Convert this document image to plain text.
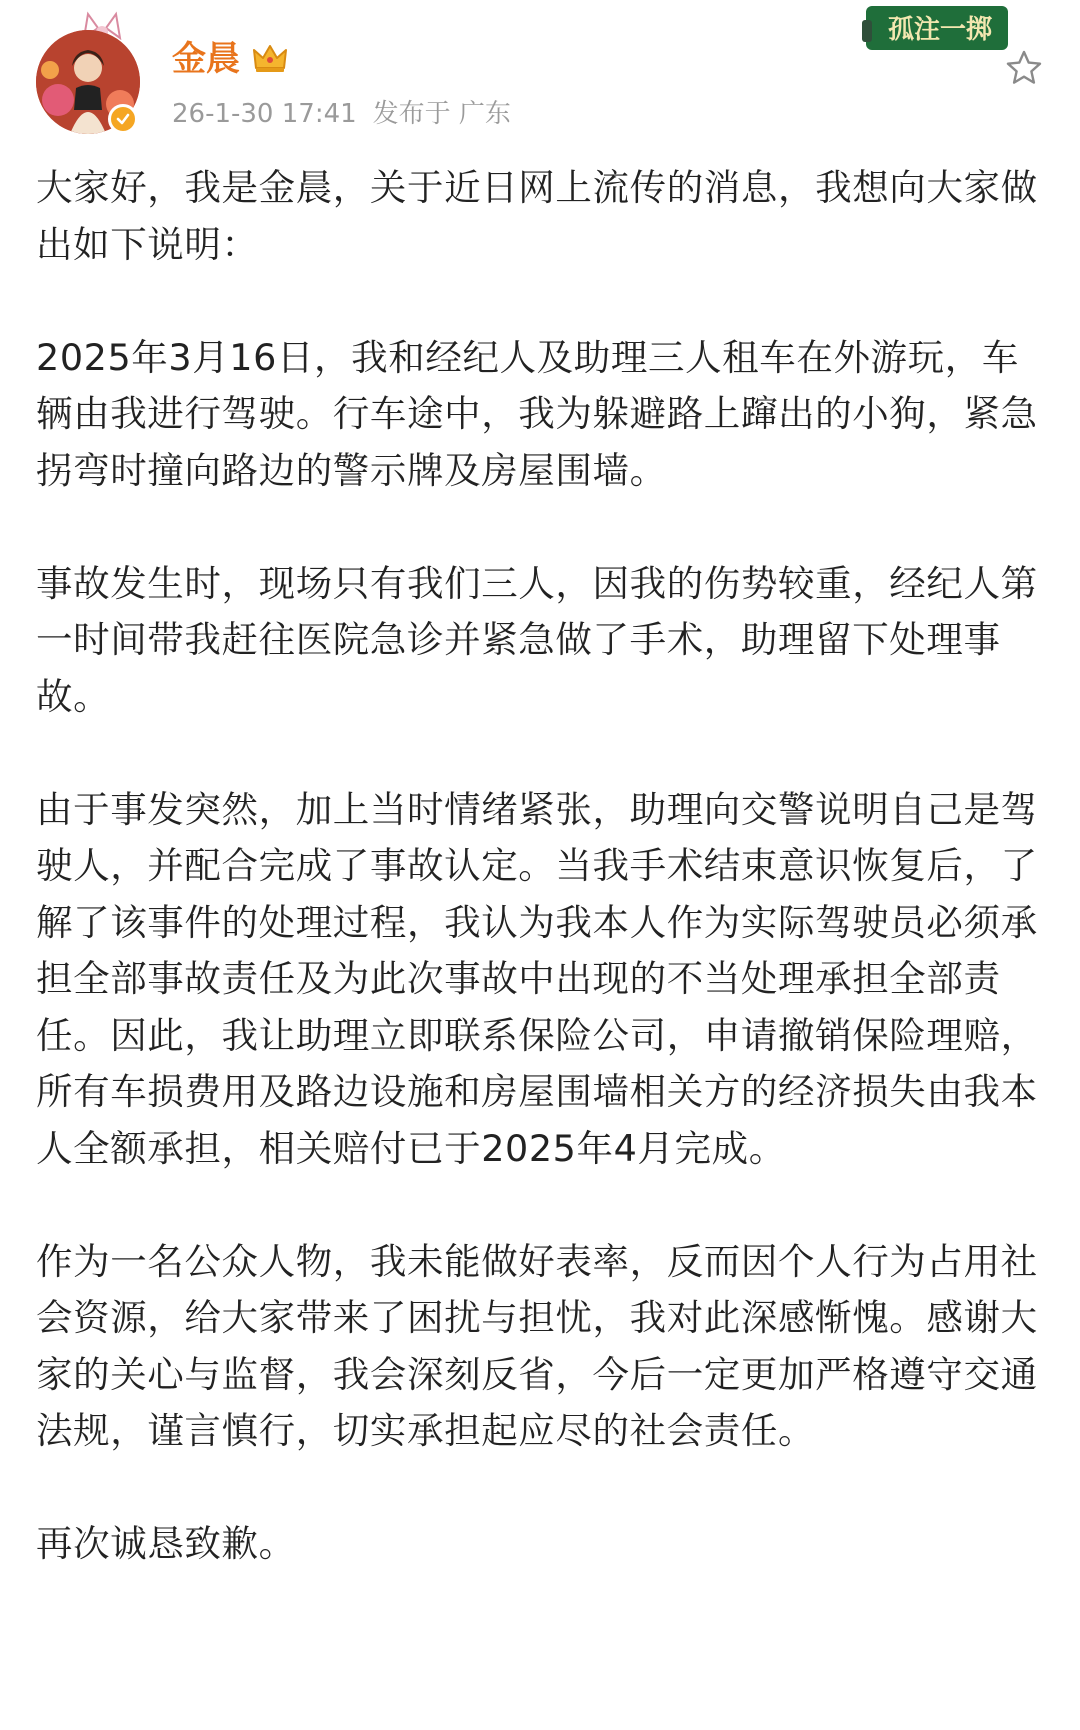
金晨
26-1-30 17:41 发布于 广东
孤注一掷

大家好，我是金晨，关于近日网上流传的消息，我想向大家做出如下说明：

2025年3月16日，我和经纪人及助理三人租车在外游玩，车辆由我进行驾驶。行车途中，我为躲避路上蹿出的小狗，紧急拐弯时撞向路边的警示牌及房屋围墙。

事故发生时，现场只有我们三人，因我的伤势较重，经纪人第一时间带我赶往医院急诊并紧急做了手术，助理留下处理事故。

由于事发突然，加上当时情绪紧张，助理向交警说明自己是驾驶人，并配合完成了事故认定。当我手术结束意识恢复后，了解了该事件的处理过程，我认为我本人作为实际驾驶员必须承担全部事故责任及为此次事故中出现的不当处理承担全部责任。因此，我让助理立即联系保险公司，申请撤销保险理赔，所有车损费用及路边设施和房屋围墙相关方的经济损失由我本人全额承担，相关赔付已于2025年4月完成。

作为一名公众人物，我未能做好表率，反而因个人行为占用社会资源，给大家带来了困扰与担忧，我对此深感惭愧。感谢大家的关心与监督，我会深刻反省，今后一定更加严格遵守交通法规，谨言慎行，切实承担起应尽的社会责任。

再次诚恳致歉。
